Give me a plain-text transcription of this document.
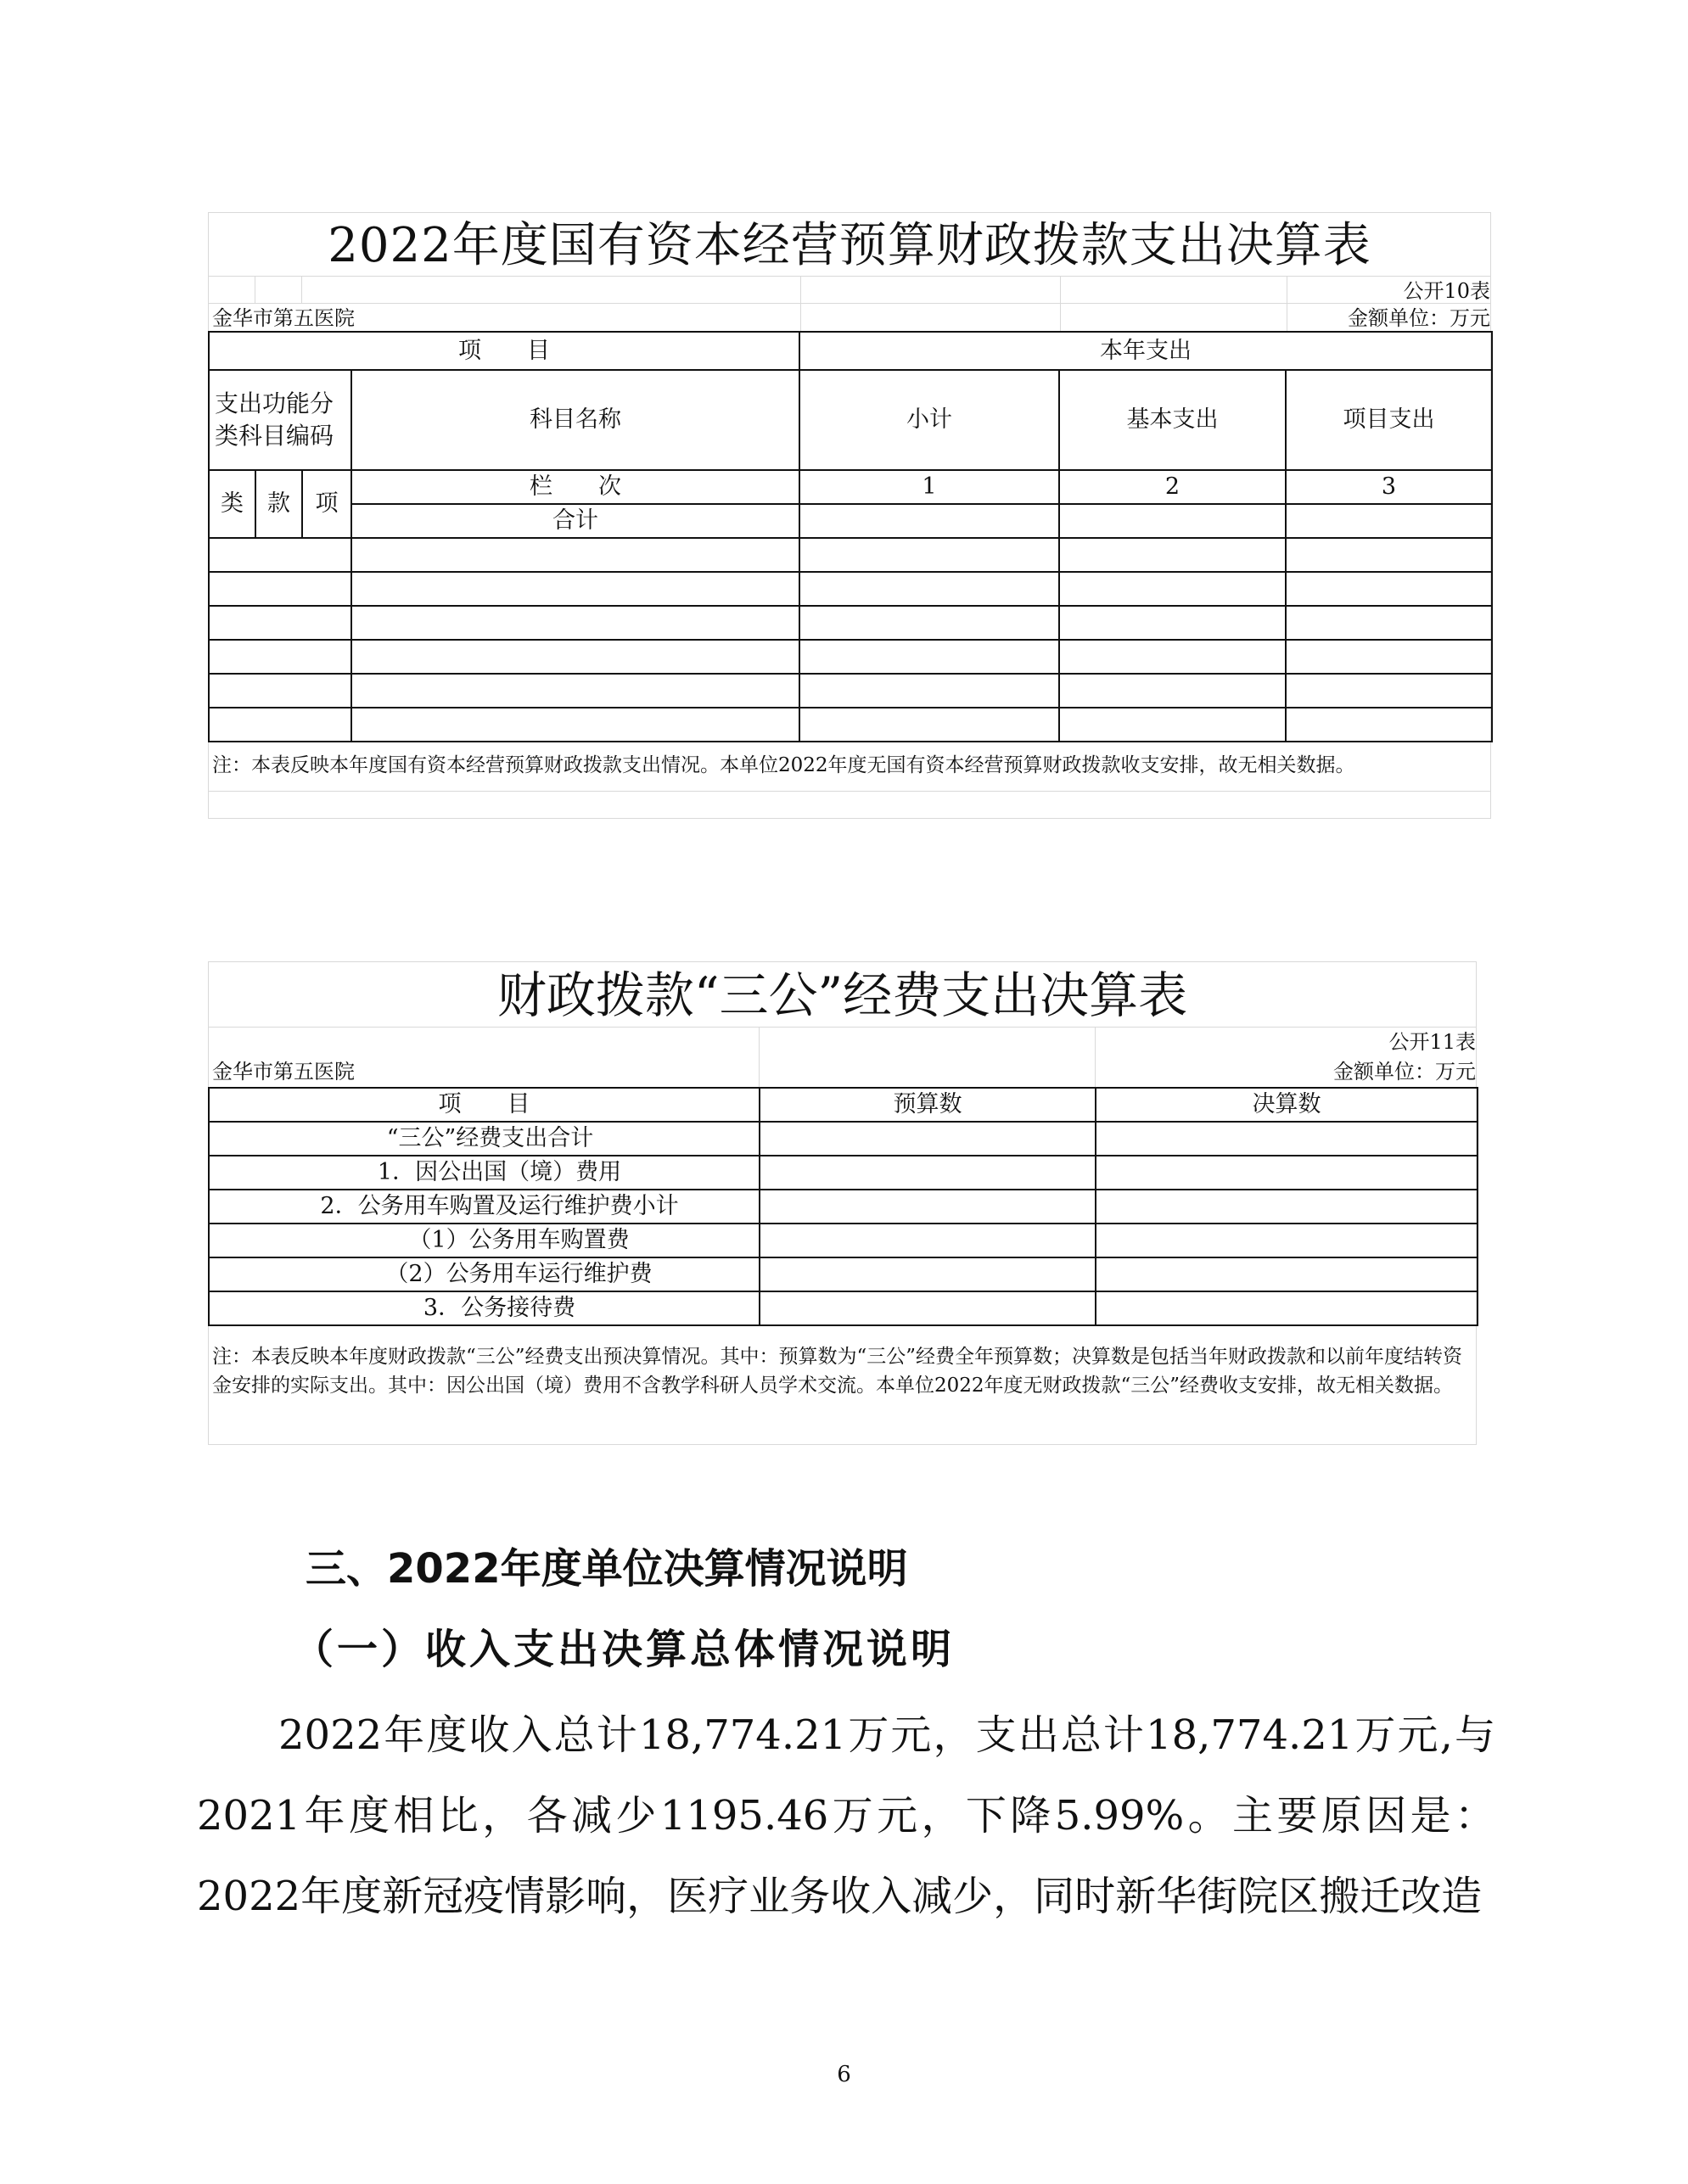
2022年度国有资本经营预算财政拨款支出决算表
公开10表
金华市第五医院	金额单位：万元
项　　目				本年支出		
支出功能分类科目编码			科目名称	小计	基本支出	项目支出
类	款	项	栏　　次	1	2	3
			合计			

注：本表反映本年度国有资本经营预算财政拨款支出情况。本单位2022年度无国有资本经营预算财政拨款收支安排，故无相关数据。
财政拨款“三公”经费支出决算表
公开11表
金华市第五医院	金额单位：万元
项　　目	预算数	决算数
“三公”经费支出合计		
1．因公出国（境）费用		
2．公务用车购置及运行维护费小计		
（1）公务用车购置费		
（2）公务用车运行维护费		
3．公务接待费		
注：本表反映本年度财政拨款“三公”经费支出预决算情况。其中：预算数为“三公”经费全年预算数；决算数是包括当年财政拨款和以前年度结转资金安排的实际支出。其中：因公出国（境）费用不含教学科研人员学术交流。本单位2022年度无财政拨款“三公”经费收支安排，故无相关数据。
三、2022年度单位决算情况说明
（一）收入支出决算总体情况说明
2022年度收入总计18,774.21万元，支出总计18,774.21万元,与2021年度相比，各减少1195.46万元，下降5.99%。主要原因是：2022年度新冠疫情影响，医疗业务收入减少，同时新华街院区搬迁改造
6
